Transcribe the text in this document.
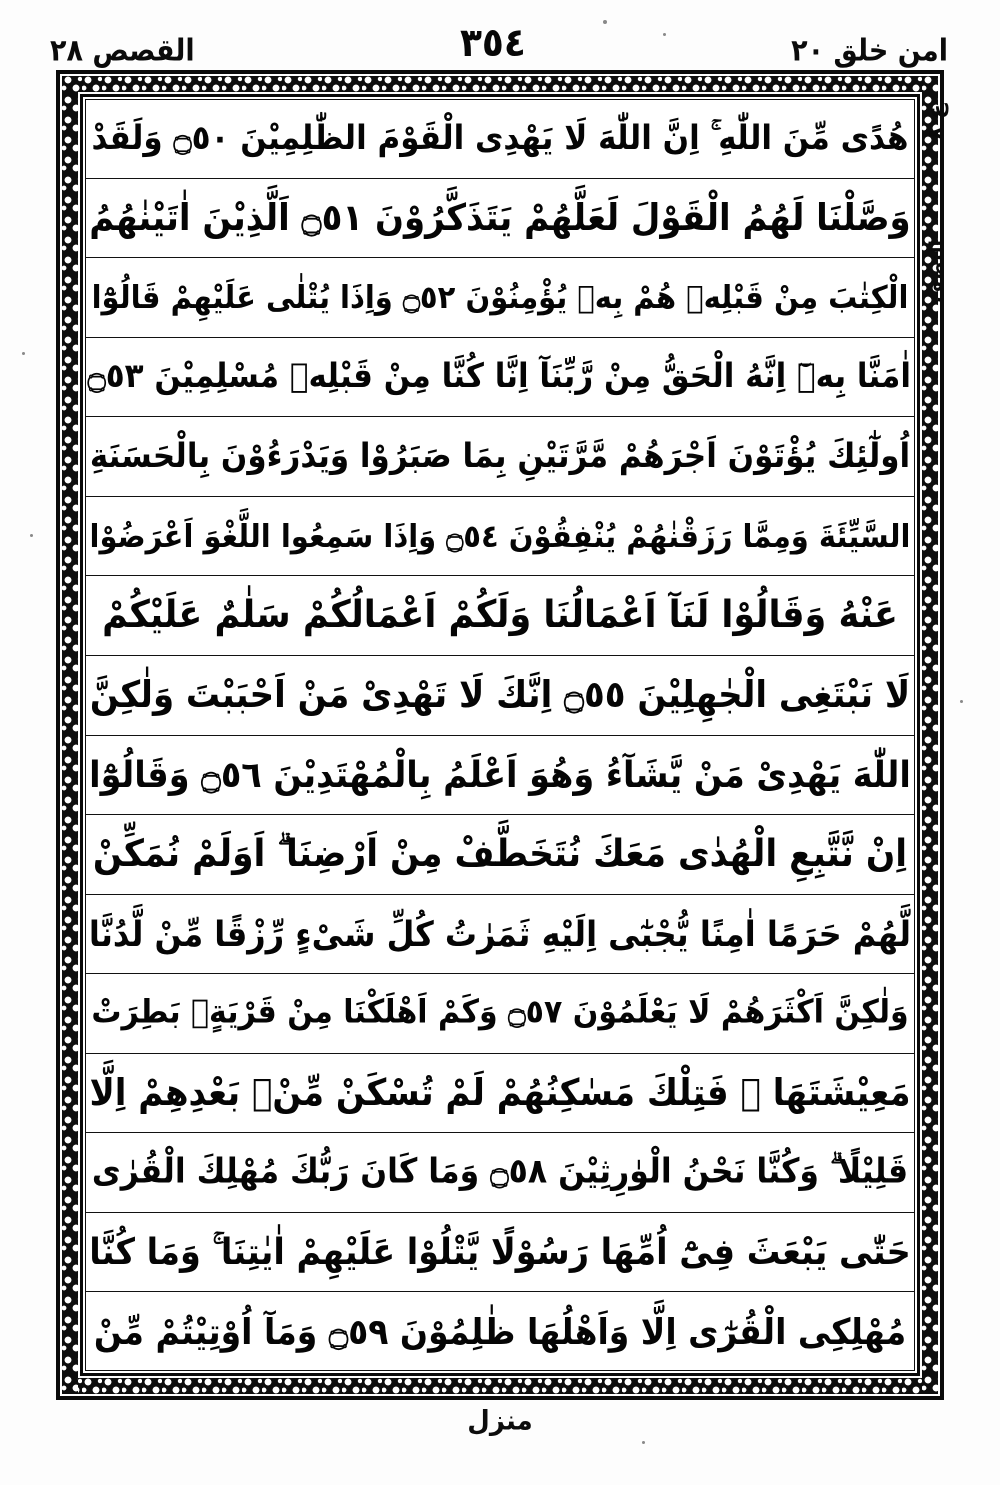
امن خلق ٢٠
٣٥٤
القصص ٢٨
هُدًى مِّنَ اللّٰهِ ۚ اِنَّ اللّٰهَ لَا يَهْدِى الْقَوْمَ الظّٰلِمِيْنَ ۝٥٠ وَلَقَدْ
وَصَّلْنَا لَهُمُ الْقَوْلَ لَعَلَّهُمْ يَتَذَكَّرُوْنَ ۝٥١ اَلَّذِيْنَ اٰتَيْنٰهُمُ
الْكِتٰبَ مِنْ قَبْلِهٖ هُمْ بِهٖ يُؤْمِنُوْنَ ۝٥٢ وَاِذَا يُتْلٰى عَلَيْهِمْ قَالُوْٓا
اٰمَنَّا بِهٖٓ اِنَّهُ الْحَقُّ مِنْ رَّبِّنَآ اِنَّا كُنَّا مِنْ قَبْلِهٖ مُسْلِمِيْنَ ۝٥٣
اُولٰٓئِكَ يُؤْتَوْنَ اَجْرَهُمْ مَّرَّتَيْنِ بِمَا صَبَرُوْا وَيَدْرَءُوْنَ بِالْحَسَنَةِ
السَّيِّئَةَ وَمِمَّا رَزَقْنٰهُمْ يُنْفِقُوْنَ ۝٥٤ وَاِذَا سَمِعُوا اللَّغْوَ اَعْرَضُوْا
عَنْهُ وَقَالُوْا لَنَآ اَعْمَالُنَا وَلَكُمْ اَعْمَالُكُمْ سَلٰمٌ عَلَيْكُمْ
لَا نَبْتَغِى الْجٰهِلِيْنَ ۝٥٥ اِنَّكَ لَا تَهْدِىْ مَنْ اَحْبَبْتَ وَلٰكِنَّ
اللّٰهَ يَهْدِىْ مَنْ يَّشَآءُ وَهُوَ اَعْلَمُ بِالْمُهْتَدِيْنَ ۝٥٦ وَقَالُوْٓا
اِنْ نَّتَّبِعِ الْهُدٰى مَعَكَ نُتَخَطَّفْ مِنْ اَرْضِنَا ۗ اَوَلَمْ نُمَكِّنْ
لَّهُمْ حَرَمًا اٰمِنًا يُّجْبٰٓى اِلَيْهِ ثَمَرٰتُ كُلِّ شَىْءٍ رِّزْقًا مِّنْ لَّدُنَّا
وَلٰكِنَّ اَكْثَرَهُمْ لَا يَعْلَمُوْنَ ۝٥٧ وَكَمْ اَهْلَكْنَا مِنْ قَرْيَةٍۢ بَطِرَتْ
مَعِيْشَتَهَا ۚ فَتِلْكَ مَسٰكِنُهُمْ لَمْ تُسْكَنْ مِّنْۢ بَعْدِهِمْ اِلَّا
قَلِيْلًا ۗ وَكُنَّا نَحْنُ الْوٰرِثِيْنَ ۝٥٨ وَمَا كَانَ رَبُّكَ مُهْلِكَ الْقُرٰى
حَتّٰى يَبْعَثَ فِىْٓ اُمِّهَا رَسُوْلًا يَّتْلُوْا عَلَيْهِمْ اٰيٰتِنَا ۚ وَمَا كُنَّا
مُهْلِكِى الْقُرٰٓى اِلَّا وَاَهْلُهَا ظٰلِمُوْنَ ۝٥٩ وَمَآ اُوْتِيْتُمْ مِّنْ
ع ٨
النصف
منزل
